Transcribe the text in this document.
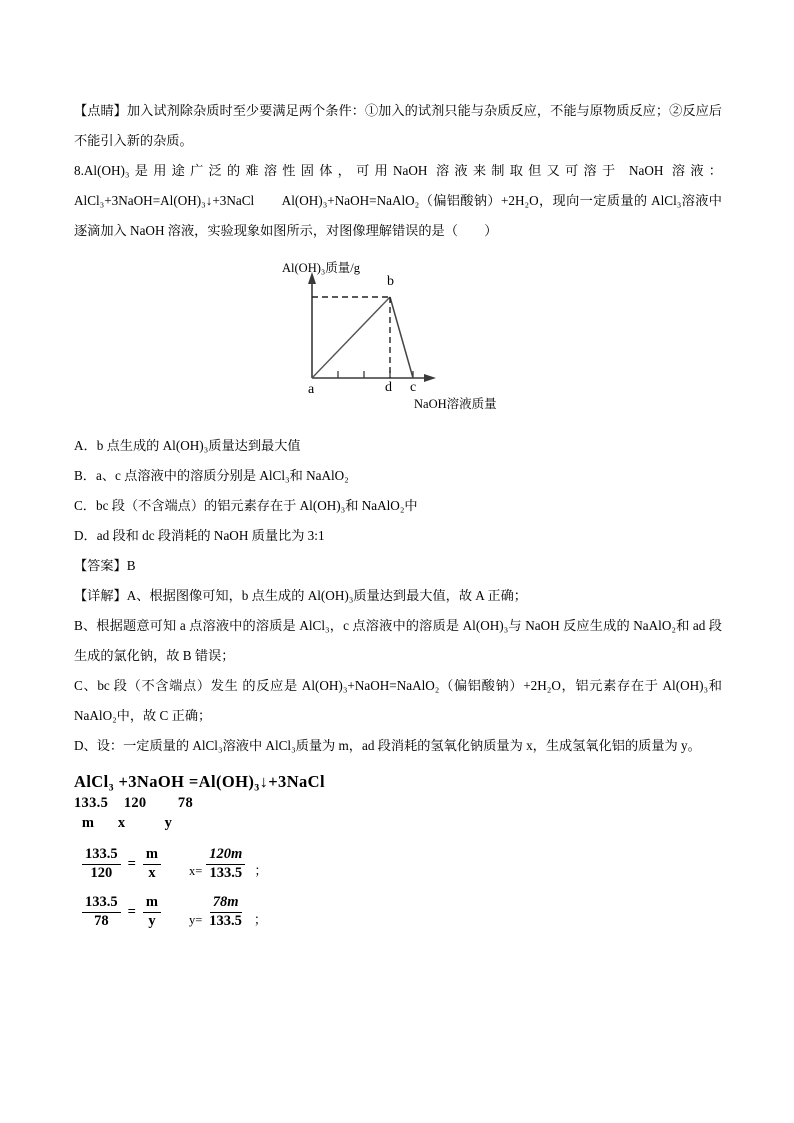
【点睛】加入试剂除杂质时至少要满足两个条件：①加入的试剂只能与杂质反应，不能与原物质反应；②反应后不能引入新的杂质。

8.Al(OH)₃是用途广泛的难溶性固体，可用NaOH 溶液来制取但又可溶于 NaOH 溶液：AlCl₃+3NaOH=Al(OH)₃↓+3NaCl　　Al(OH)₃+NaOH=NaAlO₂（偏铝酸钠）+2H₂O，现向一定质量的 AlCl₃溶液中逐滴加入 NaOH 溶液，实验现象如图所示，对图像理解错误的是（　　）

Al(OH)₃质量/g
NaOH溶液质量
b
a	d c

A．b 点生成的 Al(OH)₃质量达到最大值

B．a、c 点溶液中的溶质分别是 AlCl₃和 NaAlO₂

C．bc 段（不含端点）的铝元素存在于 Al(OH)₃和 NaAlO₂中

D．ad 段和 dc 段消耗的 NaOH 质量比为 3:1

【答案】B

【详解】A、根据图像可知，b 点生成的 Al(OH)₃质量达到最大值，故 A 正确；

B、根据题意可知 a 点溶液中的溶质是 AlCl₃，c 点溶液中的溶质是 Al(OH)₃与 NaOH 反应生成的 NaAlO₂和 ad 段生成的氯化钠，故 B 错误；

C、bc 段（不含端点）发生 的反应是 Al(OH)₃+NaOH=NaAlO₂（偏铝酸钠）+2H₂O，铝元素存在于 Al(OH)₃和 NaAlO₂中，故 C 正确；

D、设：一定质量的 AlCl₃溶液中 AlCl₃质量为 m，ad 段消耗的氢氧化钠质量为 x，生成氢氧化铝的质量为 y。

AlCl₃ +3NaOH =Al(OH)₃↓+3NaCl
133.5 120 78
m x	y
$\frac{133.5}{120} = \frac{m}{x}$	$x= \frac{120m}{133.5}$ ；
$\frac{133.5}{78} = \frac{m}{y}$	$y= \frac{78m}{133.5}$ ；
